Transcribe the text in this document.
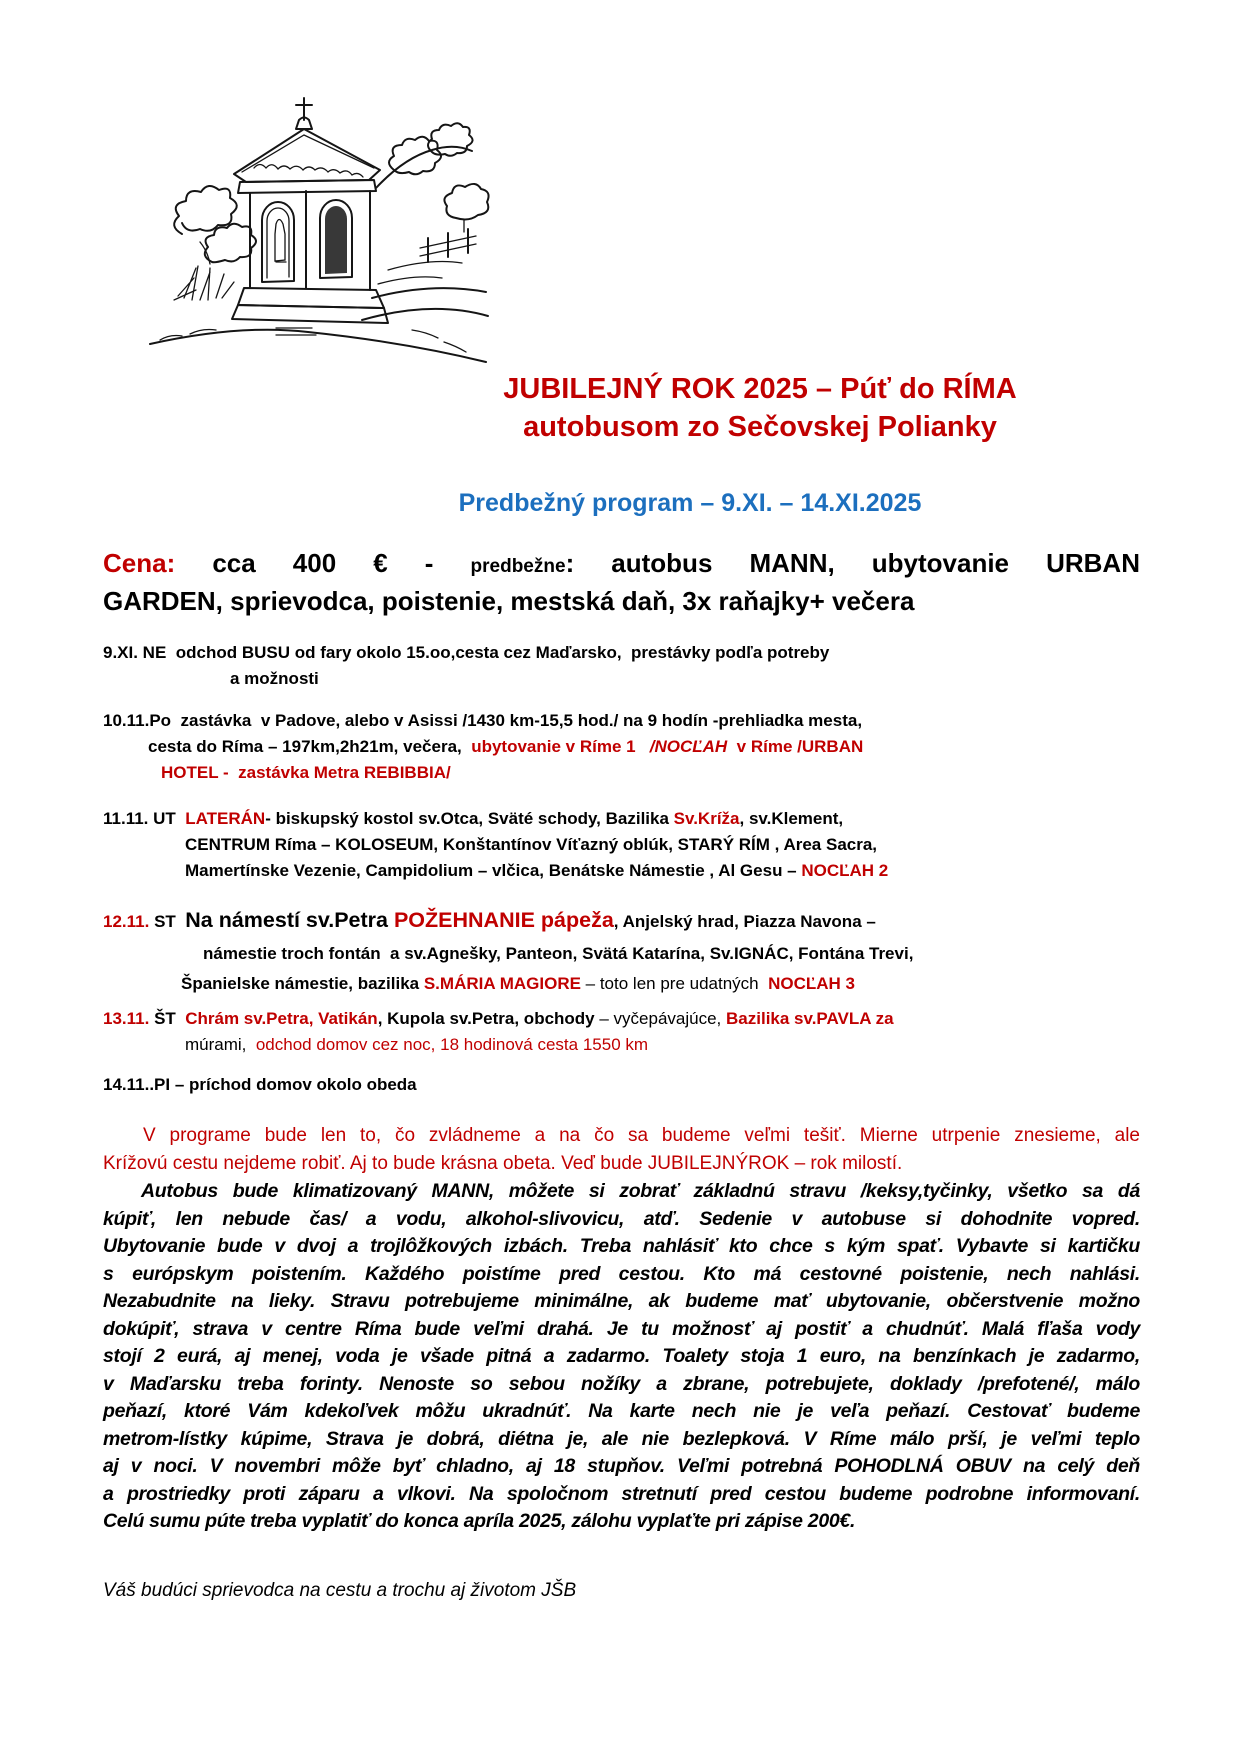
JUBILEJNÝ ROK 2025 – Púť do RÍMA
autobusom zo Sečovskej Polianky
Predbežný program – 9.XI. – 14.XI.2025
Cena: cca 400 € - predbežne: autobus MANN, ubytovanie URBAN
GARDEN, sprievodca, poistenie, mestská daň, 3x raňajky+ večera
9.XI. NE  odchod BUSU od fary okolo 15.oo,cesta cez Maďarsko,  prestávky podľa potreby
a možnosti
10.11.Po  zastávka  v Padove, alebo v Asissi /1430 km-15,5 hod./ na 9 hodín -prehliadka mesta,
cesta do Ríma – 197km,2h21m, večera,  ubytovanie v Ríme 1   /NOCĽAH  v Ríme /URBAN
HOTEL -  zastávka Metra REBIBBIA/
11.11. UT  LATERÁN- biskupský kostol sv.Otca, Sväté schody, Bazilika Sv.Kríža, sv.Klement,
CENTRUM Ríma – KOLOSEUM, Konštantínov Víťazný oblúk, STARÝ RÍM , Area Sacra,
Mamertínske Vezenie, Campidolium – vlčica, Benátske Námestie , Al Gesu – NOCĽAH 2
12.11. ST  Na námestí sv.Petra POŽEHNANIE pápeža, Anjelský hrad, Piazza Navona –
námestie troch fontán  a sv.Agnešky, Panteon, Svätá Katarína, Sv.IGNÁC, Fontána Trevi,
Španielske námestie, bazilika S.MÁRIA MAGIORE – toto len pre udatných  NOCĽAH 3
13.11. ŠT  Chrám sv.Petra, Vatikán, Kupola sv.Petra, obchody – vyčepávajúce, Bazilika sv.PAVLA za
múrami,  odchod domov cez noc, 18 hodinová cesta 1550 km
14.11..PI – príchod domov okolo obeda
V programe bude len to, čo zvládneme a na čo sa budeme veľmi tešiť. Mierne utrpenie znesieme, ale
Krížovú cestu nejdeme robiť. Aj to bude krásna obeta. Veď bude JUBILEJNÝROK – rok milostí.
Autobus bude klimatizovaný MANN, môžete si zobrať základnú stravu /keksy,tyčinky, všetko sa dá
kúpiť, len nebude čas/ a vodu, alkohol-slivovicu, atď. Sedenie v autobuse si dohodnite vopred.
Ubytovanie bude v dvoj a trojlôžkových izbách. Treba nahlásiť kto chce s kým spať. Vybavte si kartičku
s európskym poistením. Každého poistíme pred cestou. Kto má cestovné poistenie, nech nahlási.
Nezabudnite na lieky. Stravu potrebujeme minimálne, ak budeme mať ubytovanie, občerstvenie možno
dokúpiť, strava v centre Ríma bude veľmi drahá. Je tu možnosť aj postiť a chudnúť. Malá fľaša vody
stojí 2 eurá, aj menej, voda je všade pitná a zadarmo. Toalety stoja 1 euro, na benzínkach je zadarmo,
v Maďarsku treba forinty. Nenoste so sebou nožíky a zbrane, potrebujete, doklady /prefotené/, málo
peňazí, ktoré Vám kdekoľvek môžu ukradnúť. Na karte nech nie je veľa peňazí. Cestovať budeme
metrom-lístky kúpime, Strava je dobrá, diétna je, ale nie bezlepková. V Ríme málo prší, je veľmi teplo
aj v noci. V novembri môže byť chladno, aj 18 stupňov. Veľmi potrebná POHODLNÁ OBUV na celý deň
a prostriedky proti záparu a vlkovi. Na spoločnom stretnutí pred cestou budeme podrobne informovaní.
Celú sumu púte treba vyplatiť do konca apríla 2025, zálohu vyplaťte pri zápise 200€.
Váš budúci sprievodca na cestu a trochu aj životom JŠB
